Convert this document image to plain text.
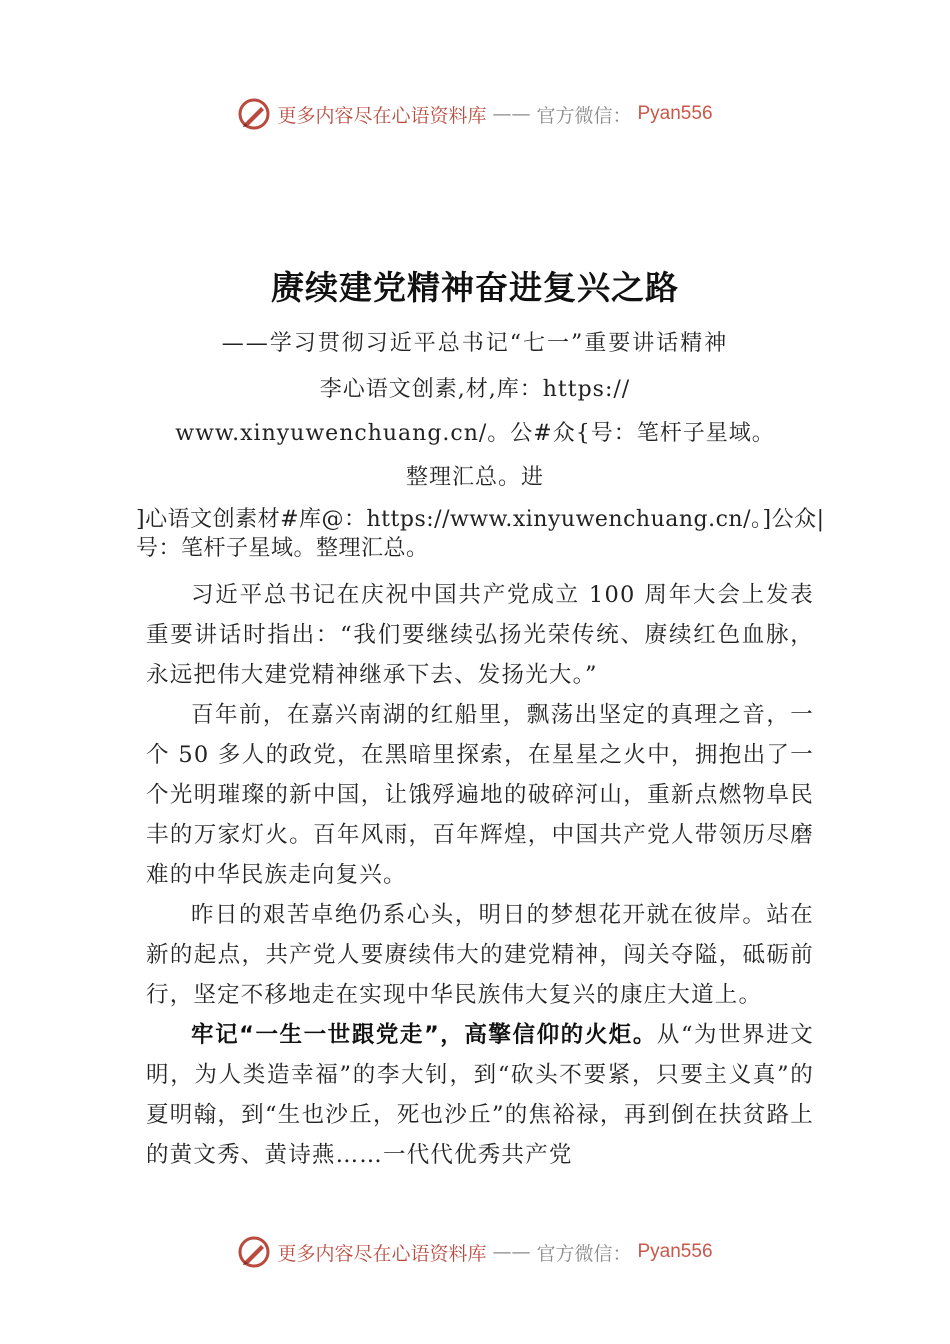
更多内容尽在心语资料库 —— 官方微信： Pyan556
赓续建党精神奋进复兴之路
——学习贯彻习近平总书记“七一”重要讲话精神
李心语文创素,材,库：https://
www.xinyuwenchuang.cn/。公#众{号：笔杆子星域。
整理汇总。进
]心语文创素材#库@：https://www.xinyuwenchuang.cn/。]公众|号：笔杆子星域。整理汇总。

习近平总书记在庆祝中国共产党成立 100 周年大会上发表重要讲话时指出：“我们要继续弘扬光荣传统、赓续红色血脉，永远把伟大建党精神继承下去、发扬光大。”

百年前，在嘉兴南湖的红船里，飘荡出坚定的真理之音，一个 50 多人的政党，在黑暗里探索，在星星之火中，拥抱出了一个光明璀璨的新中国，让饿殍遍地的破碎河山，重新点燃物阜民丰的万家灯火。百年风雨，百年辉煌，中国共产党人带领历尽磨难的中华民族走向复兴。

昨日的艰苦卓绝仍系心头，明日的梦想花开就在彼岸。站在新的起点，共产党人要赓续伟大的建党精神，闯关夺隘，砥砺前行，坚定不移地走在实现中华民族伟大复兴的康庄大道上。

牢记“一生一世跟党走”，高擎信仰的火炬。从“为世界进文明，为人类造幸福”的李大钊，到“砍头不要紧，只要主义真”的夏明翰，到“生也沙丘，死也沙丘”的焦裕禄，再到倒在扶贫路上的黄文秀、黄诗燕……一代代优秀共产党

更多内容尽在心语资料库 —— 官方微信： Pyan556
